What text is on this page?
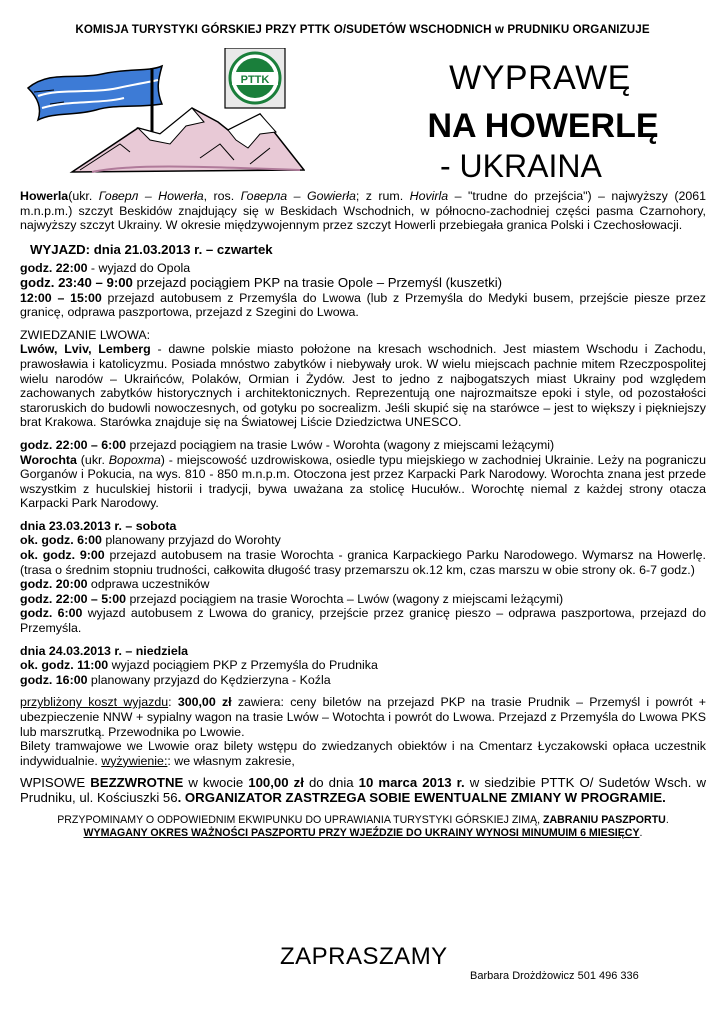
KOMISJA TURYSTYKI GÓRSKIEJ PRZY PTTK O/SUDETÓW WSCHODNICH w PRUDNIKU ORGANIZUJE
PTTK	WYPRAWĘ
NA HOWERLĘ
- UKRAINA

Howerla(ukr. Говерл – Howerła, ros. Говерла – Gowierła; z rum. Hovirla – "trudne do przejścia") – najwyższy (2061 m.n.p.m.) szczyt Beskidów znajdujący się w Beskidach Wschodnich, w północno-zachodniej części pasma Czarnohory, najwyższy szczyt Ukrainy. W okresie międzywojennym przez szczyt Howerli przebiegała granica Polski i Czechosłowacji.

WYJAZD: dnia 21.03.2013 r. – czwartek

godz. 22:00 - wyjazd do Opola

godz. 23:40 – 9:00 przejazd pociągiem PKP na trasie Opole – Przemyśl (kuszetki)

12:00 – 15:00 przejazd autobusem z Przemyśla do Lwowa (lub z Przemyśla do Medyki busem, przejście piesze przez granicę, odprawa paszportowa, przejazd z Szegini do Lwowa.

ZWIEDZANIE LWOWA:

Lwów, Lviv, Lemberg - dawne polskie miasto położone na kresach wschodnich. Jest miastem Wschodu i Zachodu, prawosławia i katolicyzmu. Posiada mnóstwo zabytków i niebywały urok. W wielu miejscach pachnie mitem Rzeczpospolitej wielu narodów – Ukraińców, Polaków, Ormian i Żydów. Jest to jedno z najbogatszych miast Ukrainy pod względem zachowanych zabytków historycznych i architektonicznych. Reprezentują one najrozmaitsze epoki i style, od pozostałości staroruskich do budowli nowoczesnych, od gotyku po socrealizm. Jeśli skupić się na starówce – jest to większy i piękniejszy brat Krakowa. Starówka znajduje się na Światowej Liście Dziedzictwa UNESCO.

godz. 22:00 – 6:00 przejazd pociągiem na trasie Lwów - Worohta (wagony z miejscami leżącymi)

Worochta (ukr. Ворохта) - miejscowość uzdrowiskowa, osiedle typu miejskiego w zachodniej Ukrainie. Leży na pograniczu Gorganów i Pokucia, na wys. 810 - 850 m.n.p.m. Otoczona jest przez Karpacki Park Narodowy. Worochta znana jest przede wszystkim z huculskiej historii i tradycji, bywa uważana za stolicę Hucułów.. Worochtę niemal z każdej strony otacza Karpacki Park Narodowy.

dnia 23.03.2013 r. – sobota

ok. godz. 6:00 planowany przyjazd do Worohty

ok. godz. 9:00 przejazd autobusem na trasie Worochta - granica Karpackiego Parku Narodowego. Wymarsz na Howerlę. (trasa o średnim stopniu trudności, całkowita długość trasy przemarszu ok.12 km, czas marszu w obie strony ok. 6-7 godz.)

godz. 20:00 odprawa uczestników

godz. 22:00 – 5:00 przejazd pociągiem na trasie Worochta – Lwów (wagony z miejscami leżącymi)

godz. 6:00 wyjazd autobusem z Lwowa do granicy, przejście przez granicę pieszo – odprawa paszportowa, przejazd do Przemyśla.

dnia 24.03.2013 r. – niedziela

ok. godz. 11:00 wyjazd pociągiem PKP z Przemyśla do Prudnika

godz. 16:00 planowany przyjazd do Kędzierzyna - Koźla

przybliżony koszt wyjazdu: 300,00 zł zawiera: ceny biletów na przejazd PKP na trasie Prudnik – Przemyśl i powrót + ubezpieczenie NNW + sypialny wagon na trasie Lwów – Wotochta i powrót do Lwowa. Przejazd z Przemyśla do Lwowa PKS lub marszrutką. Przewodnika po Lwowie.

Bilety tramwajowe we Lwowie oraz bilety wstępu do zwiedzanych obiektów i na Cmentarz Łyczakowski opłaca uczestnik indywidualnie. wyżywienie:: we własnym zakresie,

WPISOWE BEZZWROTNE w kwocie 100,00 zł do dnia 10 marca 2013 r. w siedzibie PTTK O/ Sudetów Wsch. w Prudniku, ul. Kościuszki 56. ORGANIZATOR ZASTRZEGA SOBIE EWENTUALNE ZMIANY W PROGRAMIE.

PRZYPOMINAMY O ODPOWIEDNIM EKWIPUNKU DO UPRAWIANIA TURYSTYKI GÓRSKIEJ ZIMĄ, ZABRANIU PASZPORTU.

WYMAGANY OKRES WAŻNOŚCI PASZPORTU PRZY WJEŹDZIE DO UKRAINY WYNOSI MINUMUIM 6 MIESIĘCY.

ZAPRASZAMY
Barbara Drożdżowicz 501 496 336
